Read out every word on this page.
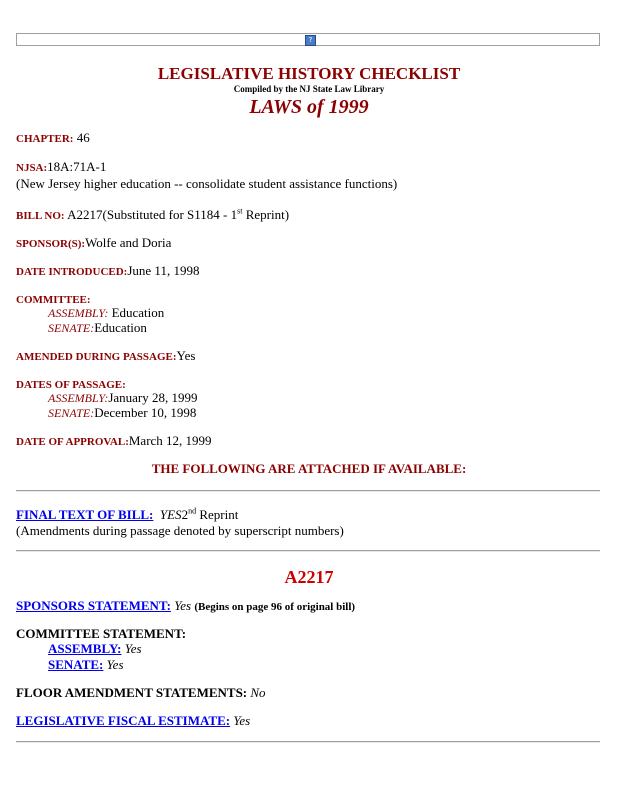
?
LEGISLATIVE HISTORY CHECKLIST
Compiled by the NJ State Law Library
LAWS of 1999
CHAPTER: 46
NJSA:18A:71A-1
(New Jersey higher education -- consolidate student assistance functions)
BILL NO: A2217(Substituted for S1184 - 1st Reprint)
SPONSOR(S):Wolfe and Doria
DATE INTRODUCED:June 11, 1998
COMMITTEE:
ASSEMBLY: Education
SENATE:Education
AMENDED DURING PASSAGE:Yes
DATES OF PASSAGE:
ASSEMBLY:January 28, 1999
SENATE:December 10, 1998
DATE OF APPROVAL:March 12, 1999
THE FOLLOWING ARE ATTACHED IF AVAILABLE:
FINAL TEXT OF BILL: YES2nd Reprint
(Amendments during passage denoted by superscript numbers)
A2217
SPONSORS STATEMENT: Yes (Begins on page 96 of original bill)
COMMITTEE STATEMENT:
ASSEMBLY: Yes
SENATE: Yes
FLOOR AMENDMENT STATEMENTS: No
LEGISLATIVE FISCAL ESTIMATE: Yes
